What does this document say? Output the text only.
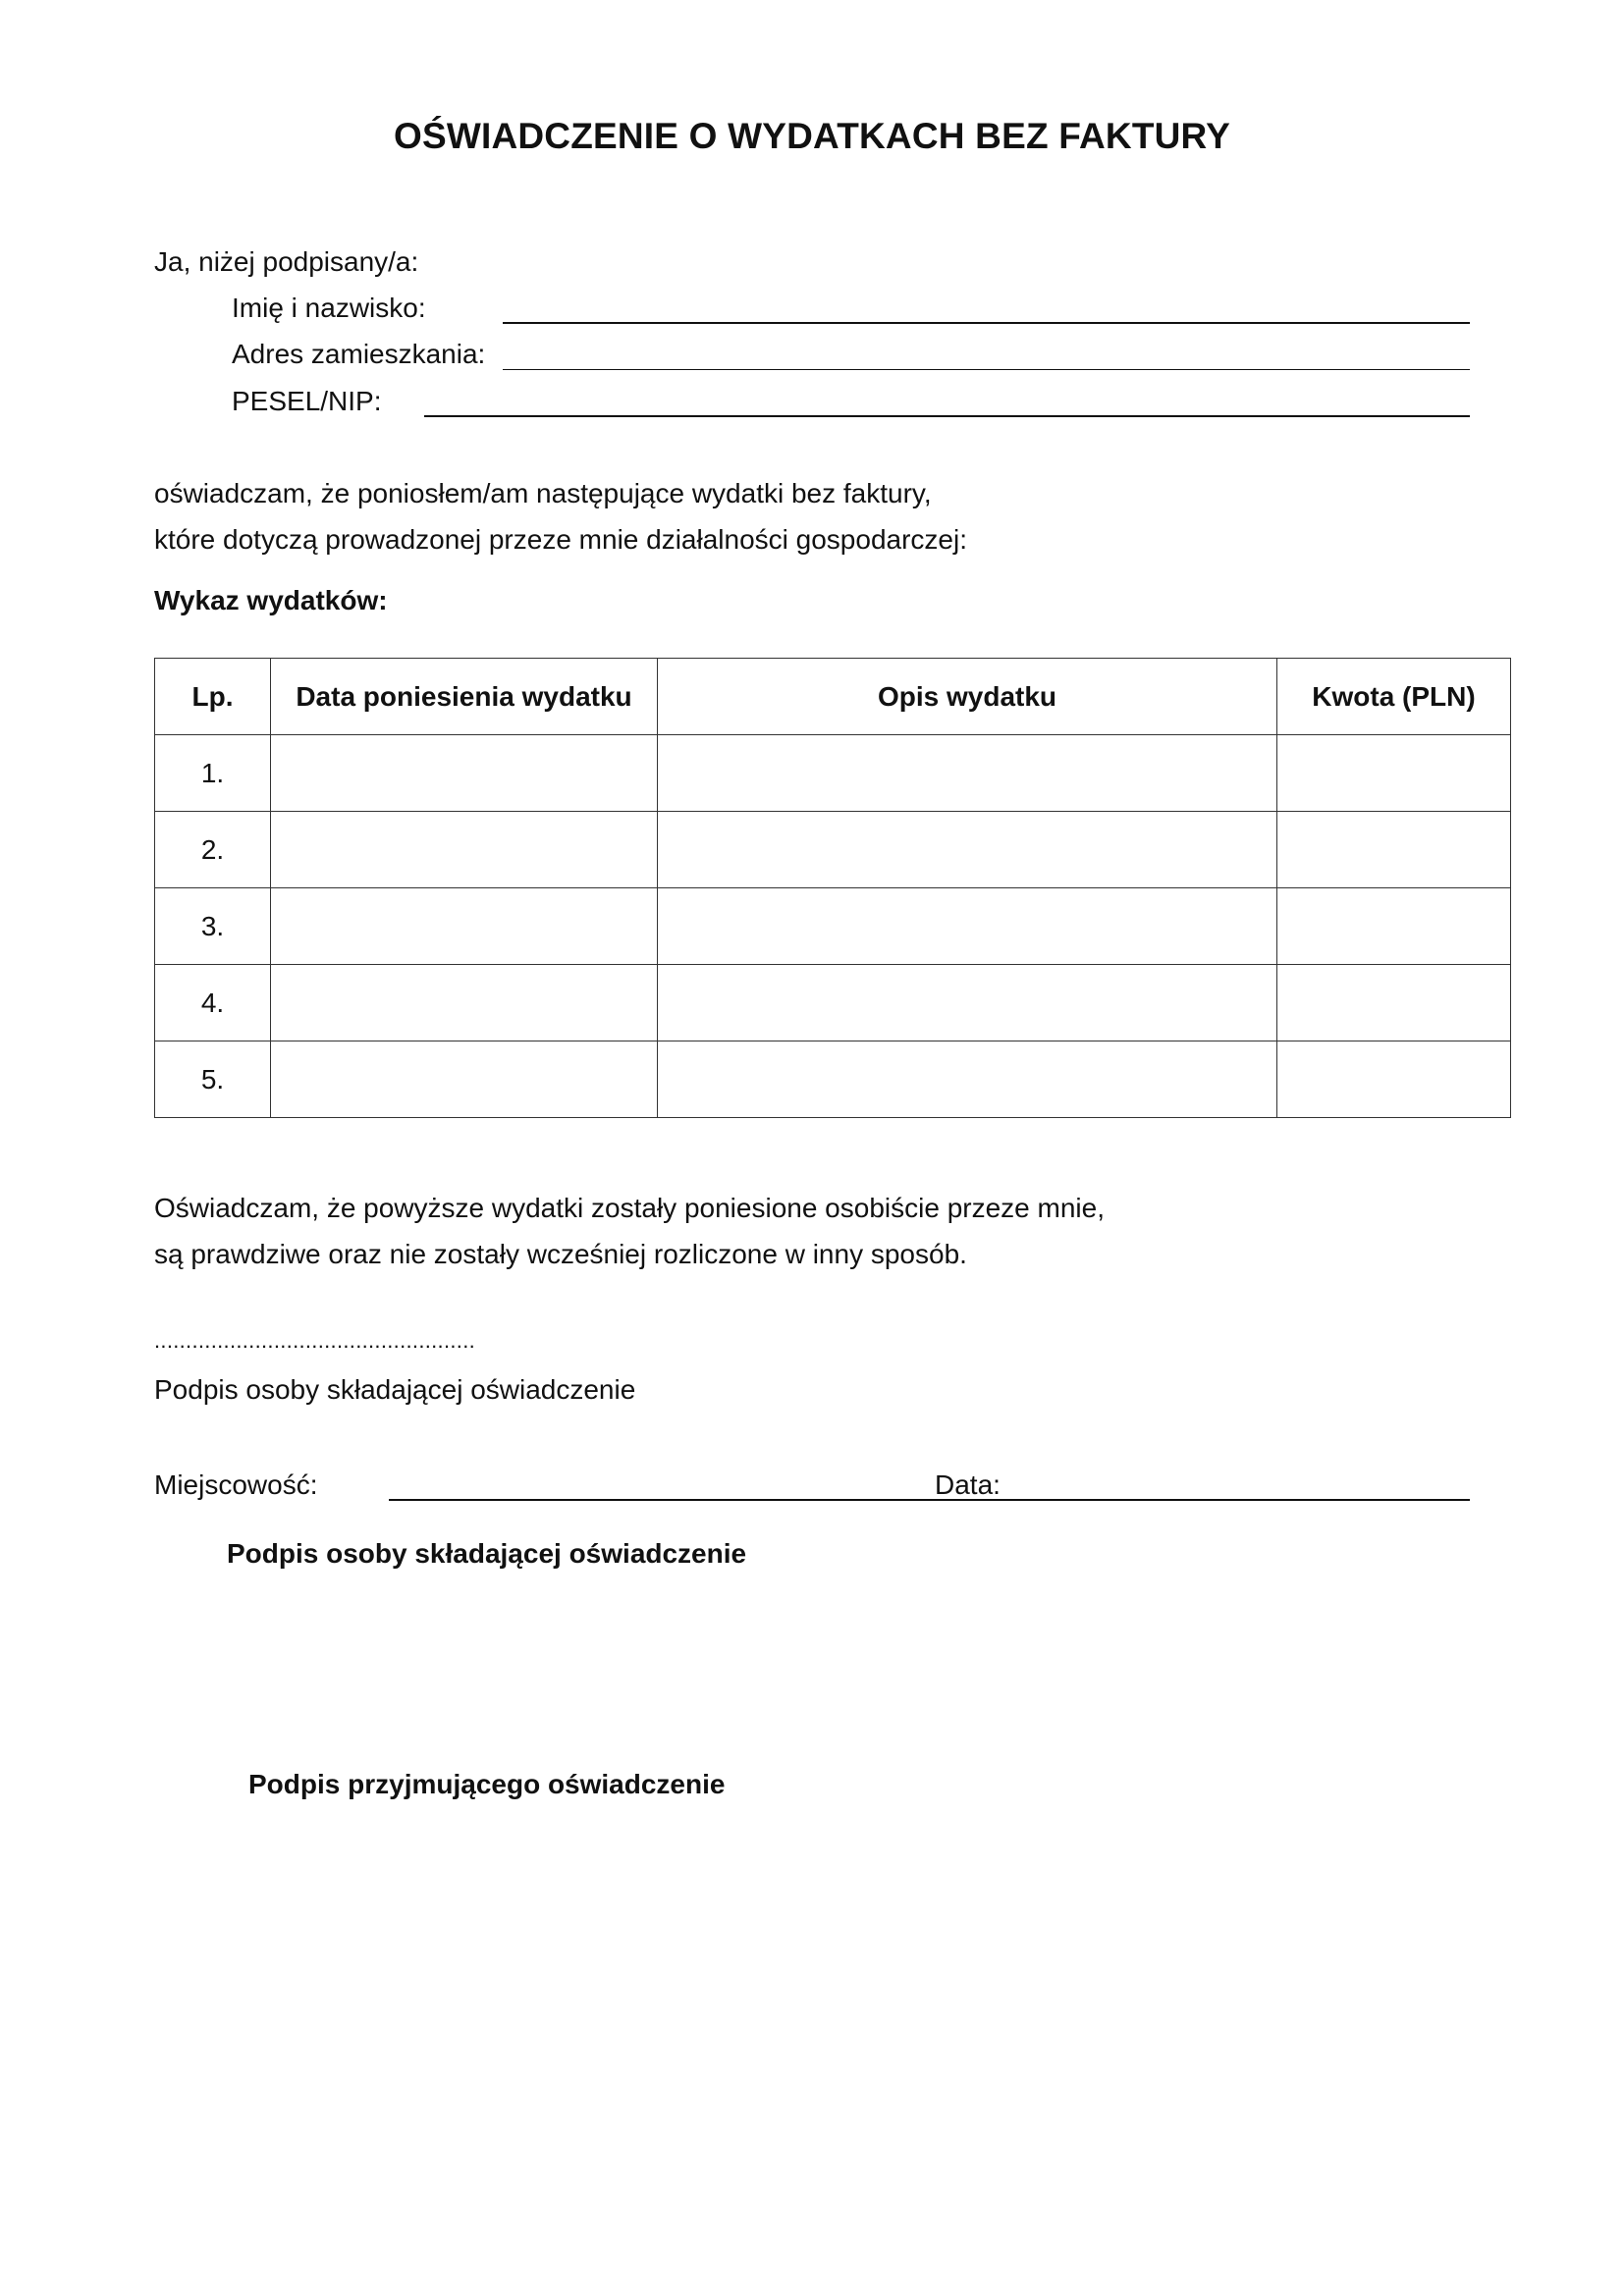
OŚWIADCZENIE O WYDATKACH BEZ FAKTURY
Ja, niżej podpisany/a:
Imię i nazwisko:
Adres zamieszkania:
PESEL/NIP:
oświadczam, że poniosłem/am następujące wydatki bez faktury,
które dotyczą prowadzonej przeze mnie działalności gospodarczej:
Wykaz wydatków:
Lp.	Data poniesienia wydatku	Opis wydatku	Kwota (PLN)
1.			
2.			
3.			
4.			
5.			
Oświadczam, że powyższe wydatki zostały poniesione osobiście przeze mnie,
są prawdziwe oraz nie zostały wcześniej rozliczone w inny sposób.
...................................................
Podpis osoby składającej oświadczenie
Miejscowość:	Data:
Podpis osoby składającej oświadczenie
Podpis przyjmującego oświadczenie
